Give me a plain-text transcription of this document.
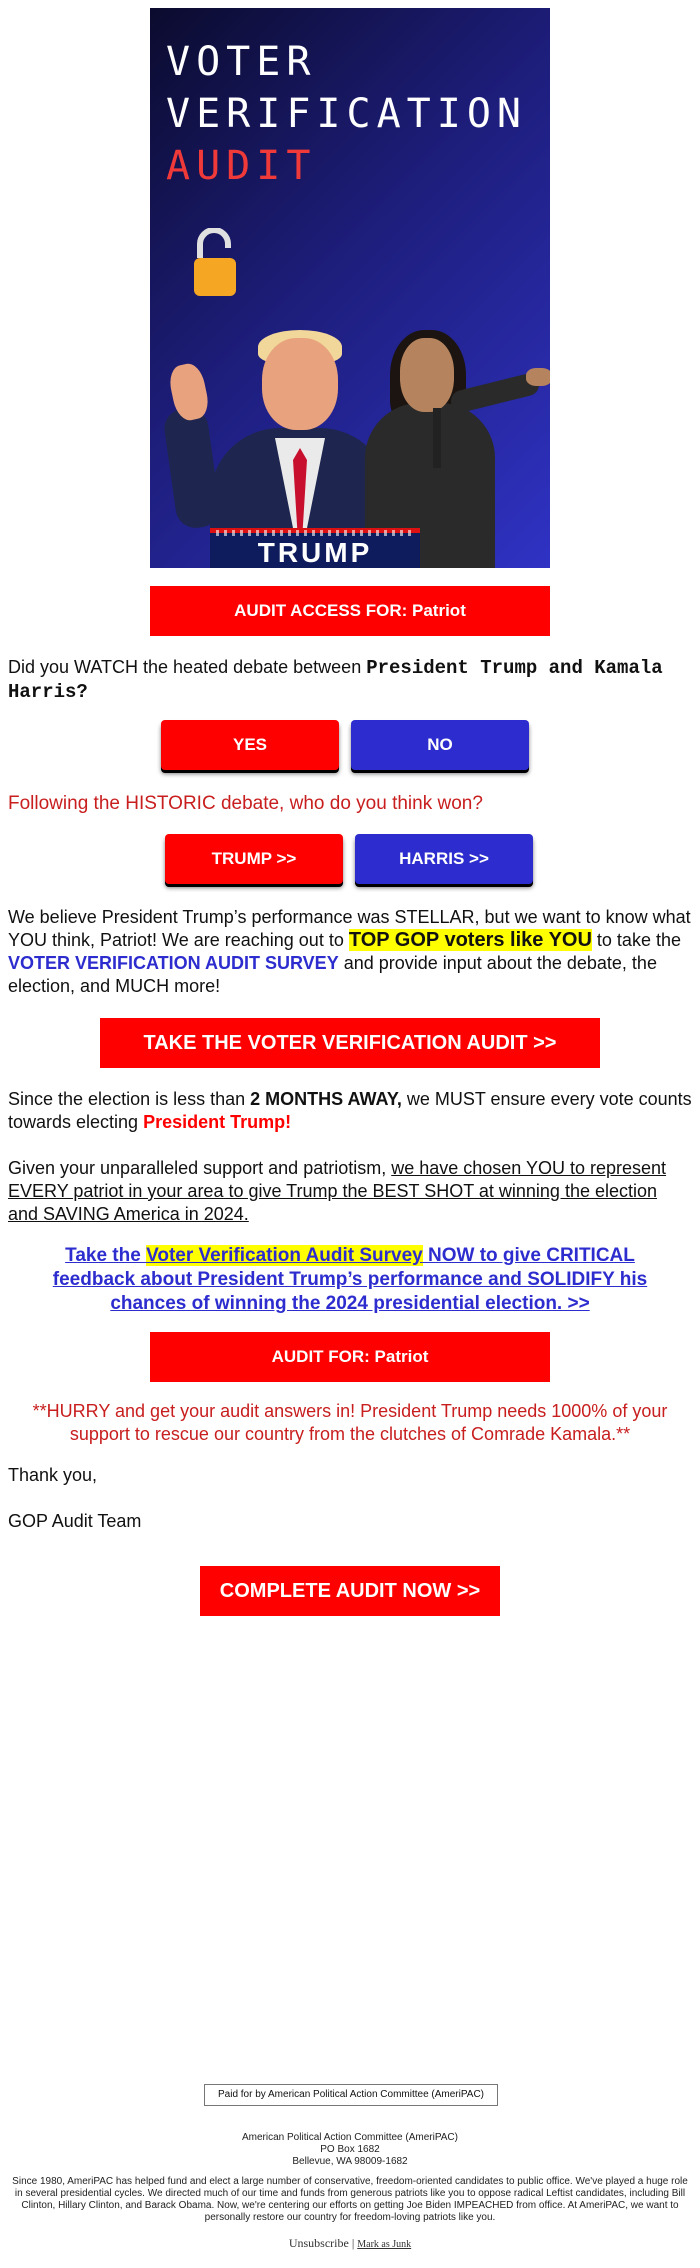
VOTER
VERIFICATION
AUDIT
TRUMP
AUDIT ACCESS FOR: Patriot
Did you WATCH the heated debate between President Trump and Kamala Harris?
YES	NO
Following the HISTORIC debate, who do you think won?
TRUMP >>	HARRIS >>
We believe President Trump’s performance was STELLAR, but we want to know what YOU think, Patriot! We are reaching out to TOP GOP voters like YOU to take the VOTER VERIFICATION AUDIT SURVEY and provide input about the debate, the election, and MUCH more!
TAKE THE VOTER VERIFICATION AUDIT >>
Since the election is less than 2 MONTHS AWAY, we MUST ensure every vote counts towards electing President Trump!
Given your unparalleled support and patriotism, we have chosen YOU to represent EVERY patriot in your area to give Trump the BEST SHOT at winning the election and SAVING America in 2024.
Take the Voter Verification Audit Survey NOW to give CRITICAL feedback about President Trump’s performance and SOLIDIFY his chances of winning the 2024 presidential election. >>
AUDIT FOR: Patriot
**HURRY and get your audit answers in! President Trump needs 1000% of your support to rescue our country from the clutches of Comrade Kamala.**
Thank you,
GOP Audit Team
COMPLETE AUDIT NOW >>
Paid for by American Political Action Committee (AmeriPAC)
American Political Action Committee (AmeriPAC)
PO Box 1682
Bellevue, WA 98009-1682
Since 1980, AmeriPAC has helped fund and elect a large number of conservative, freedom-oriented candidates to public office. We've played a huge role in several presidential cycles. We directed much of our time and funds from generous patriots like you to oppose radical Leftist candidates, including Bill Clinton, Hillary Clinton, and Barack Obama. Now, we're centering our efforts on getting Joe Biden IMPEACHED from office. At AmeriPAC, we want to personally restore our country for freedom-loving patriots like you.
Unsubscribe | Mark as Junk
